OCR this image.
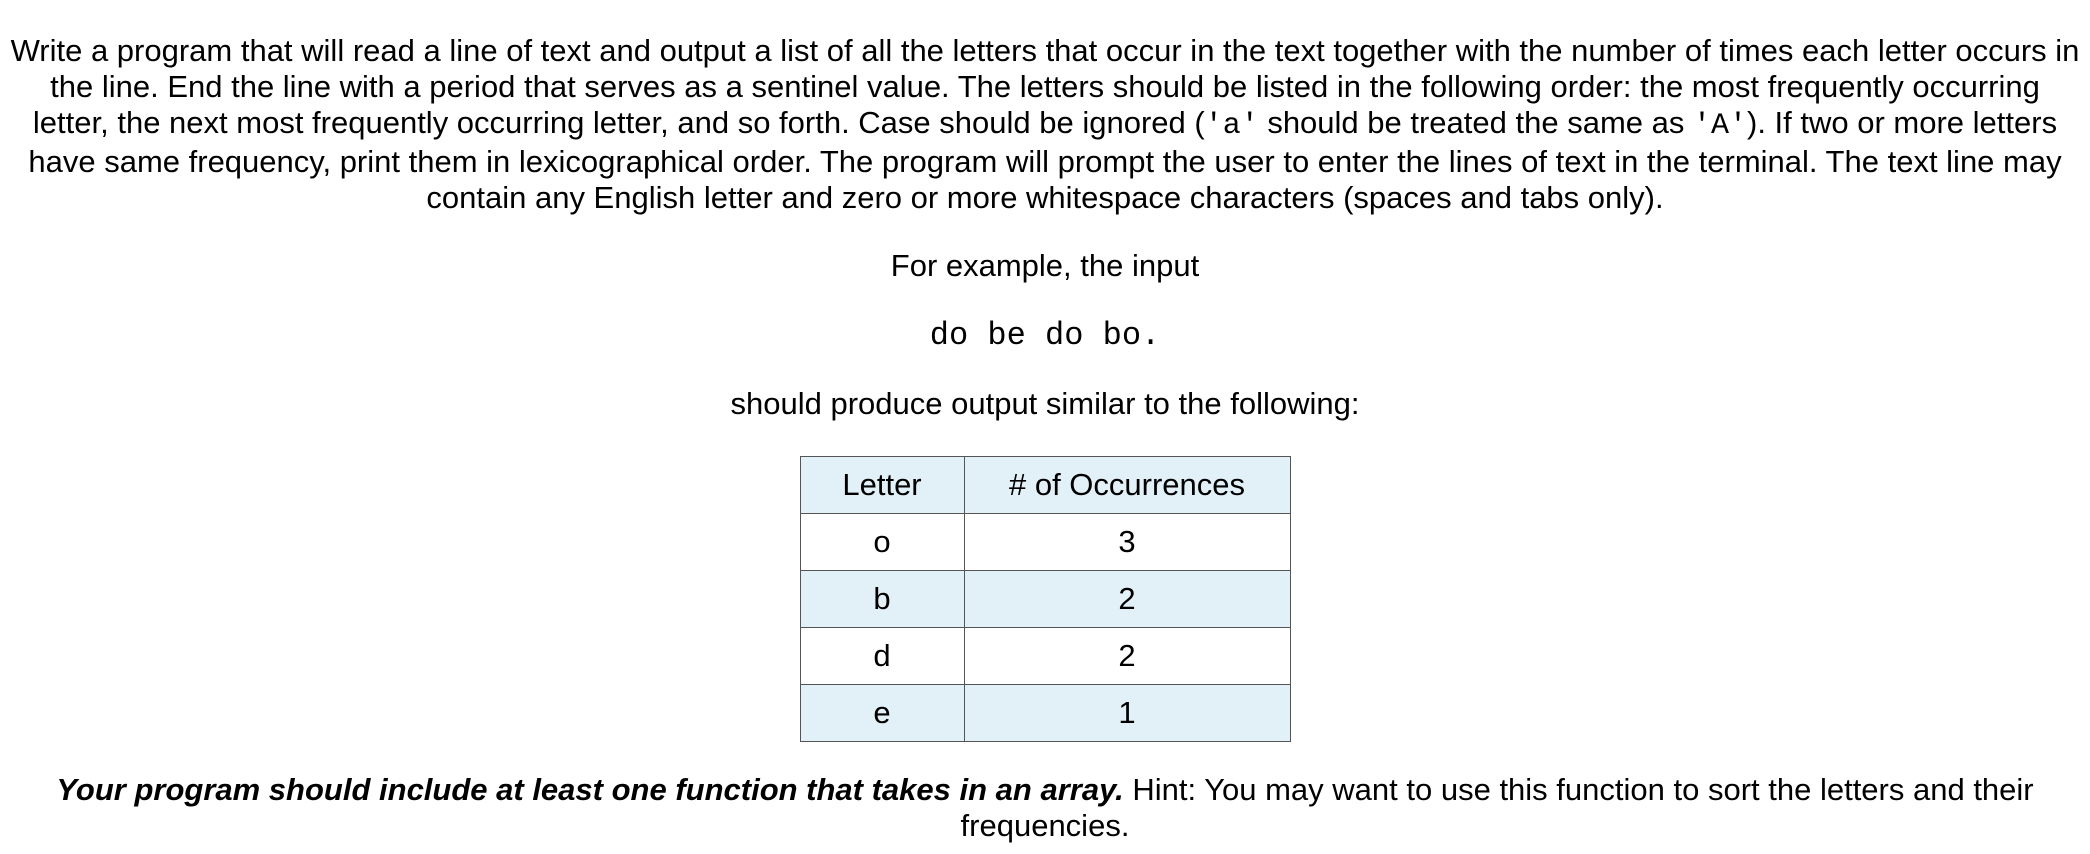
Write a program that will read a line of text and output a list of all the letters that occur in the text together with the number of times each letter occurs in the line. End the line with a period that serves as a sentinel value. The letters should be listed in the following order: the most frequently occurring letter, the next most frequently occurring letter, and so forth. Case should be ignored ('a' should be treated the same as 'A'). If two or more letters have same frequency, print them in lexicographical order. The program will prompt the user to enter the lines of text in the terminal. The text line may contain any English letter and zero or more whitespace characters (spaces and tabs only).

For example, the input
do be do bo.
should produce output similar to the following:
Letter	# of Occurrences
o	3
b	2
d	2
e	1

Your program should include at least one function that takes in an array. Hint: You may want to use this function to sort the letters and their frequencies.
